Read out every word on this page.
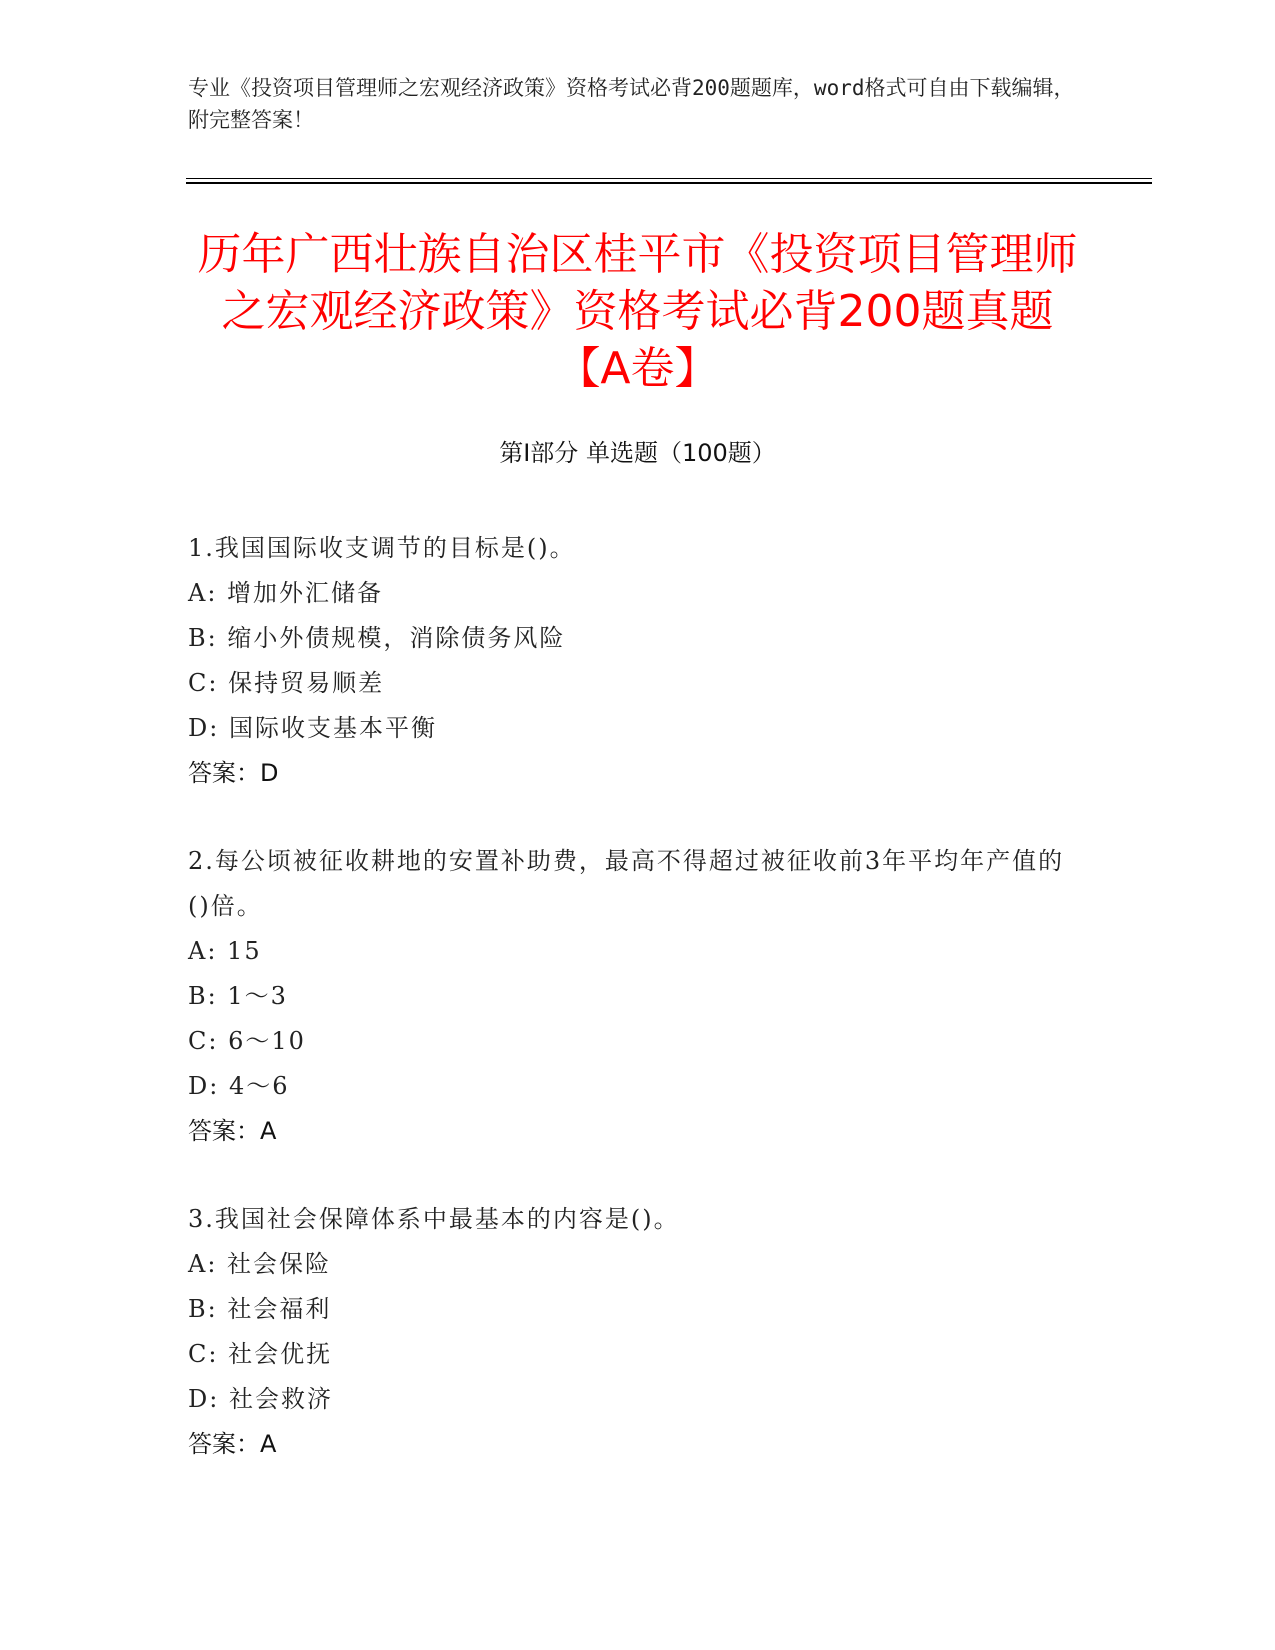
专业《投资项目管理师之宏观经济政策》资格考试必背200题题库，word格式可自由下载编辑，附完整答案！
历年广西壮族自治区桂平市《投资项目管理师之宏观经济政策》资格考试必背200题真题【A卷】
第I部分 单选题（100题）
1.我国国际收支调节的目标是()。
A: 增加外汇储备
B: 缩小外债规模，消除债务风险
C: 保持贸易顺差
D: 国际收支基本平衡
答案：D
2.每公顷被征收耕地的安置补助费，最高不得超过被征收前3年平均年产值的()倍。
A: 15
B: 1～3
C: 6～10
D: 4～6
答案：A
3.我国社会保障体系中最基本的内容是()。
A: 社会保险
B: 社会福利
C: 社会优抚
D: 社会救济
答案：A
